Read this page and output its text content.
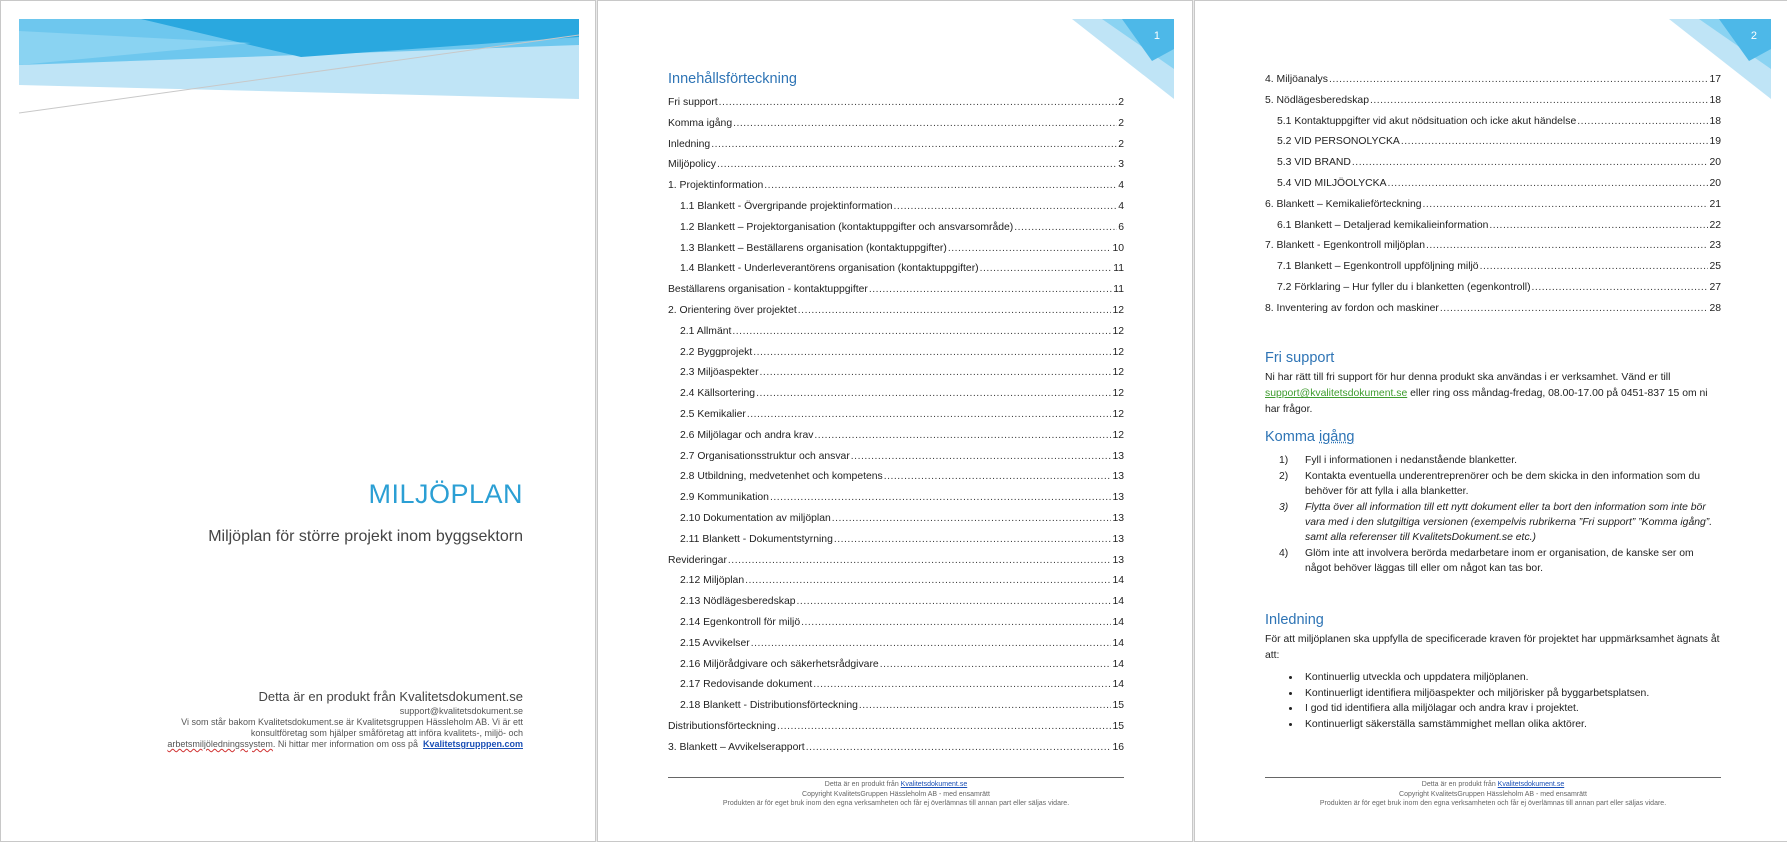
MILJÖPLAN
Miljöplan för större projekt inom byggsektorn
Detta är en produkt från Kvalitetsdokument.se
support@kvalitetsdokument.se
Vi som står bakom Kvalitetsdokument.se är Kvalitetsgruppen Hässleholm AB. Vi är ett
konsultföretag som hjälper småföretag att införa kvalitets-, miljö- och
arbetsmiljöledningssystem. Ni hittar mer information om oss på Kvalitetsgrupppen.com
1
Innehållsförteckning
Fri support .....	2
Komma igång .....	2
Inledning .....	2
Miljöpolicy .....	3
1. Projektinformation .....	4
1.1 Blankett - Övergripande projektinformation .....	4
1.2 Blankett – Projektorganisation (kontaktuppgifter och ansvarsområde) .....	6
1.3 Blankett – Beställarens organisation (kontaktuppgifter) .....	10
1.4 Blankett - Underleverantörens organisation (kontaktuppgifter) .....	11
Beställarens organisation - kontaktuppgifter .....	11
2. Orientering över projektet .....	12
2.1 Allmänt .....	12
2.2 Byggprojekt .....	12
2.3 Miljöaspekter .....	12
2.4 Källsortering .....	12
2.5 Kemikalier .....	12
2.6 Miljölagar och andra krav .....	12
2.7 Organisationsstruktur och ansvar .....	13
2.8 Utbildning, medvetenhet och kompetens .....	13
2.9 Kommunikation .....	13
2.10 Dokumentation av miljöplan .....	13
2.11 Blankett - Dokumentstyrning .....	13
Revideringar .....	13
2.12 Miljöplan .....	14
2.13 Nödlägesberedskap .....	14
2.14 Egenkontroll för miljö .....	14
2.15 Avvikelser .....	14
2.16 Miljörådgivare och säkerhetsrådgivare .....	14
2.17 Redovisande dokument .....	14
2.18 Blankett - Distributionsförteckning .....	15
Distributionsförteckning .....	15
3. Blankett – Avvikelserapport .....	16
Detta är en produkt från Kvalitetsdokument.se
Copyright KvalitetsGruppen Hässleholm AB - med ensamrätt
Produkten är för eget bruk inom den egna verksamheten och får ej överlämnas till annan part eller säljas vidare.
2
4. Miljöanalys .....	17
5. Nödlägesberedskap .....	18
5.1 Kontaktuppgifter vid akut nödsituation och icke akut händelse .....	18
5.2 VID PERSONOLYCKA .....	19
5.3 VID BRAND .....	20
5.4 VID MILJÖOLYCKA .....	20
6. Blankett – Kemikalieförteckning .....	21
6.1 Blankett – Detaljerad kemikalieinformation .....	22
7. Blankett - Egenkontroll miljöplan .....	23
7.1 Blankett – Egenkontroll uppföljning miljö .....	25
7.2 Förklaring – Hur fyller du i blanketten (egenkontroll) .....	27
8. Inventering av fordon och maskiner .....	28
Fri support
Ni har rätt till fri support för hur denna produkt ska användas i er verksamhet. Vänd er till support@kvalitetsdokument.se eller ring oss måndag-fredag, 08.00-17.00 på 0451-837 15 om ni har frågor.
Komma igång
1) Fyll i informationen i nedanstående blanketter.
2) Kontakta eventuella underentreprenörer och be dem skicka in den information som du behöver för att fylla i alla blanketter.
3) Flytta över all information till ett nytt dokument eller ta bort den information som inte bör vara med i den slutgiltiga versionen (exempelvis rubrikerna ”Fri support” ”Komma igång”. samt alla referenser till KvalitetsDokument.se etc.)
4) Glöm inte att involvera berörda medarbetare inom er organisation, de kanske ser om något behöver läggas till eller om något kan tas bor.
Inledning
För att miljöplanen ska uppfylla de specificerade kraven för projektet har uppmärksamhet ägnats åt att:
• Kontinuerlig utveckla och uppdatera miljöplanen.
• Kontinuerligt identifiera miljöaspekter och miljörisker på byggarbetsplatsen.
• I god tid identifiera alla miljölagar och andra krav i projektet.
• Kontinuerligt säkerställa samstämmighet mellan olika aktörer.
Detta är en produkt från Kvalitetsdokument.se
Copyright KvalitetsGruppen Hässleholm AB - med ensamrätt
Produkten är för eget bruk inom den egna verksamheten och får ej överlämnas till annan part eller säljas vidare.
